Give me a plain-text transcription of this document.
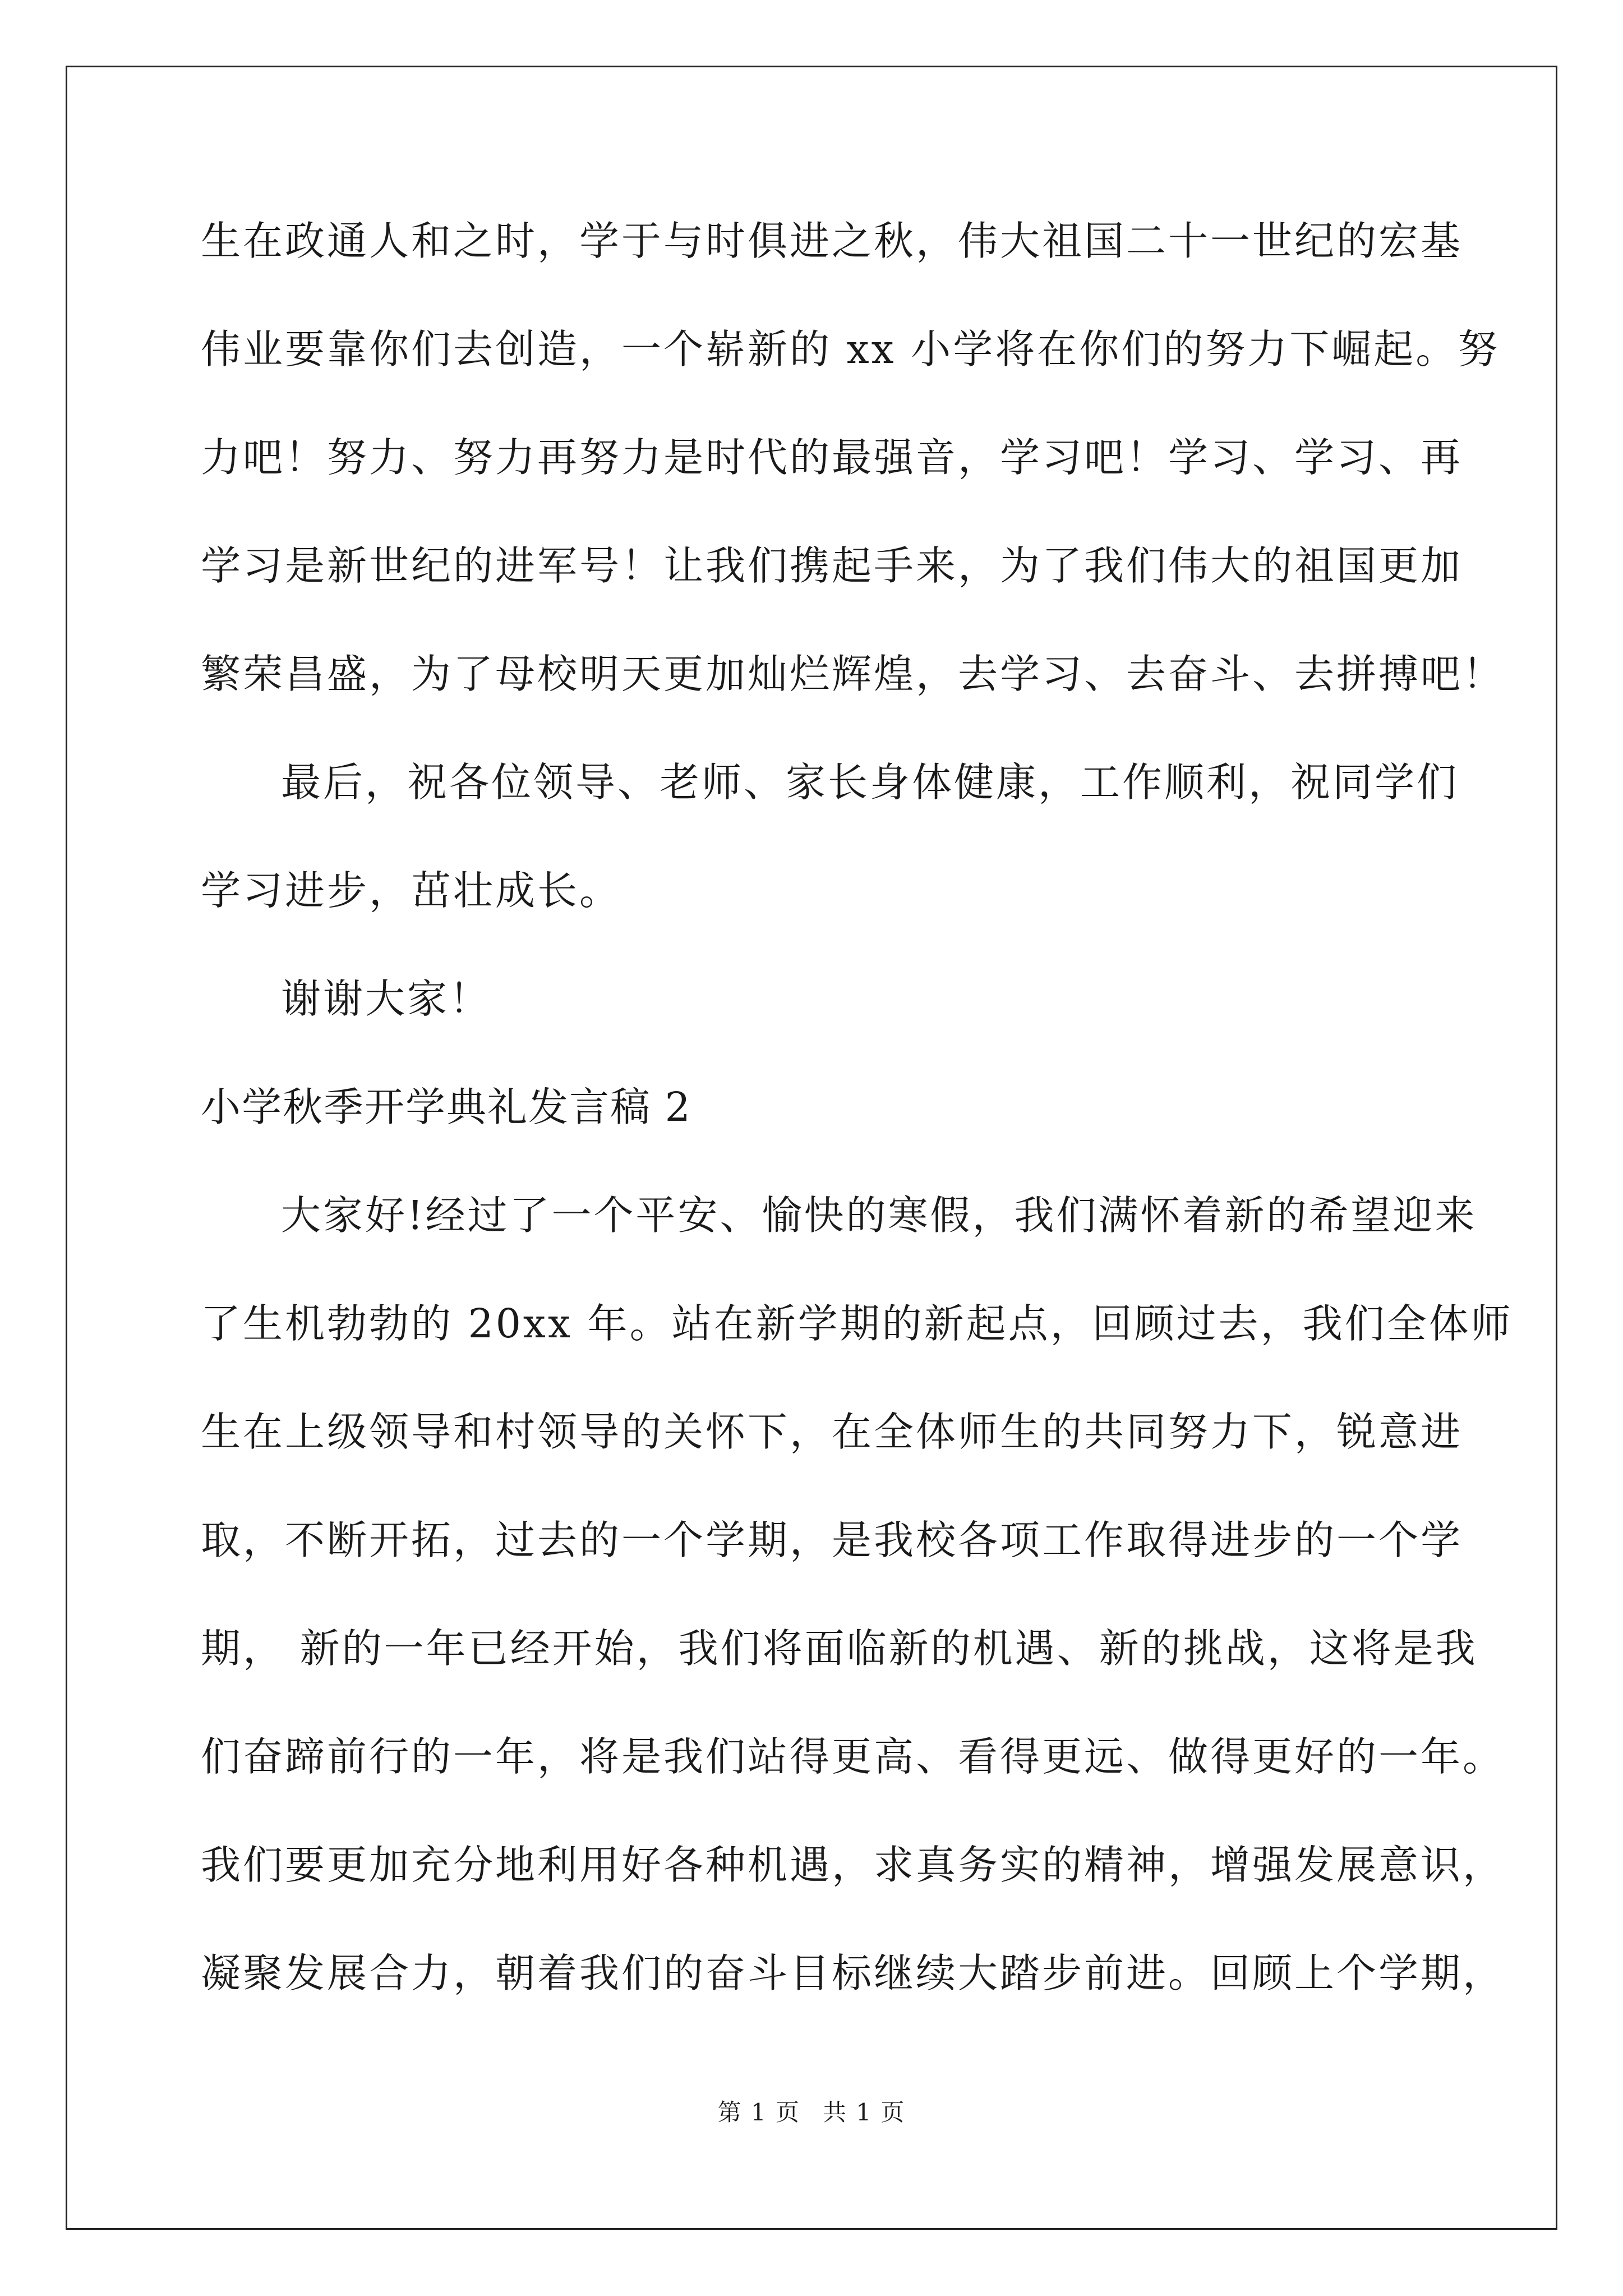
生在政通人和之时，学于与时俱进之秋，伟大祖国二十一世纪的宏基
伟业要靠你们去创造，一个崭新的 xx 小学将在你们的努力下崛起。努
力吧！努力、努力再努力是时代的最强音，学习吧！学习、学习、再
学习是新世纪的进军号！让我们携起手来，为了我们伟大的祖国更加
繁荣昌盛，为了母校明天更加灿烂辉煌，去学习、去奋斗、去拼搏吧！
最后，祝各位领导、老师、家长身体健康，工作顺利，祝同学们
学习进步，茁壮成长。
谢谢大家！
小学秋季开学典礼发言稿 2
大家好!经过了一个平安、愉快的寒假，我们满怀着新的希望迎来
了生机勃勃的 20xx 年。站在新学期的新起点，回顾过去，我们全体师
生在上级领导和村领导的关怀下，在全体师生的共同努力下，锐意进
取，不断开拓，过去的一个学期，是我校各项工作取得进步的一个学
期， 新的一年已经开始，我们将面临新的机遇、新的挑战，这将是我
们奋蹄前行的一年，将是我们站得更高、看得更远、做得更好的一年。
我们要更加充分地利用好各种机遇，求真务实的精神，增强发展意识，
凝聚发展合力，朝着我们的奋斗目标继续大踏步前进。回顾上个学期，
第 1 页 共 1 页
